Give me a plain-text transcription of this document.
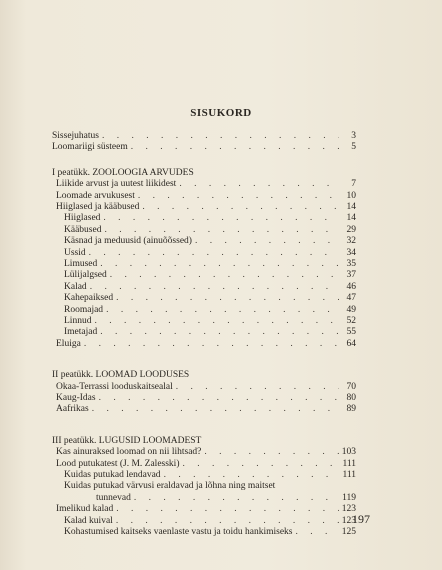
SISUKORD
Sissejuhatus . . .	3
Loomariigi süsteem . . .	5
I peatükk. ZOOLOOGIA ARVUDES
Liikide arvust ja uutest liikidest . . .	7
Loomade arvukusest . . .	10
Hiiglased ja kääbused . . .	14
Hiiglased . . .	14
Kääbused . . .	29
Käsnad ja meduusid (ainuõõssed) . . .	32
Ussid . . .	34
Limused . . .	35
Lülijalgsed . . .	37
Kalad . . .	46
Kahepaiksed . . .	47
Roomajad . . .	49
Linnud . . .	52
Imetajad . . .	55
Eluiga . . .	64
II peatükk. LOOMAD LOODUSES
Okaa-Terrassi looduskaitsealal . . .	70
Kaug-Idas . . .	80
Aafrikas . . .	89
III peatükk. LUGUSID LOOMADEST
Kas ainuraksed loomad on nii lihtsad? . . .	103
Lood putukatest (J. M. Zalesski) . . .	111
Kuidas putukad lendavad . . .	111
Kuidas putukad värvusi eraldavad ja lõhna ning maitset
tunnevad . . .	119
Imelikud kalad . . .	123
Kalad kuival . . .	123
Kohastumised kaitseks vaenlaste vastu ja toidu hankimiseks . . .	125
197
